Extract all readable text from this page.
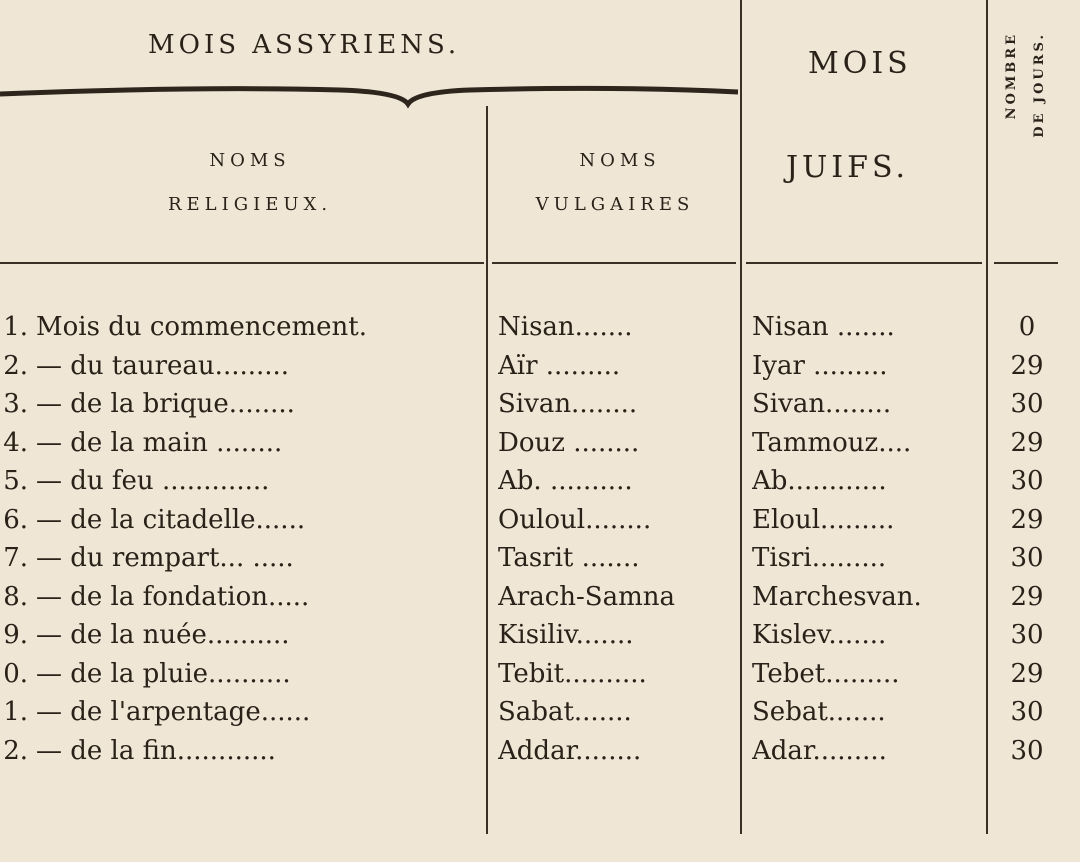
MOIS ASSYRIENS.
NOMS
RELIGIEUX.
NOMS
VULGAIRES
MOIS
JUIFS.
NOMBRE DE JOURS.
1. Mois du commencement.	Nisan.......	Nisan .......	0
2. — du taureau.........	Aïr .........	Iyar .........	29
3. — de la brique........	Sivan........	Sivan........	30
4. — de la main ........	Douz ........	Tammouz....	29
5. — du feu .............	Ab. ..........	Ab............	30
6. — de la citadelle......	Ouloul........	Eloul.........	29
7. — du rempart... .....	Tasrit .......	Tisri.........	30
8. — de la fondation.....	Arach-Samna	Marchesvan.	29
9. — de la nuée..........	Kisiliv.......	Kislev.......	30
0. — de la pluie..........	Tebit..........	Tebet.........	29
1. — de l'arpentage......	Sabat.......	Sebat.......	30
2. — de la fin............	Addar........	Adar.........	30
